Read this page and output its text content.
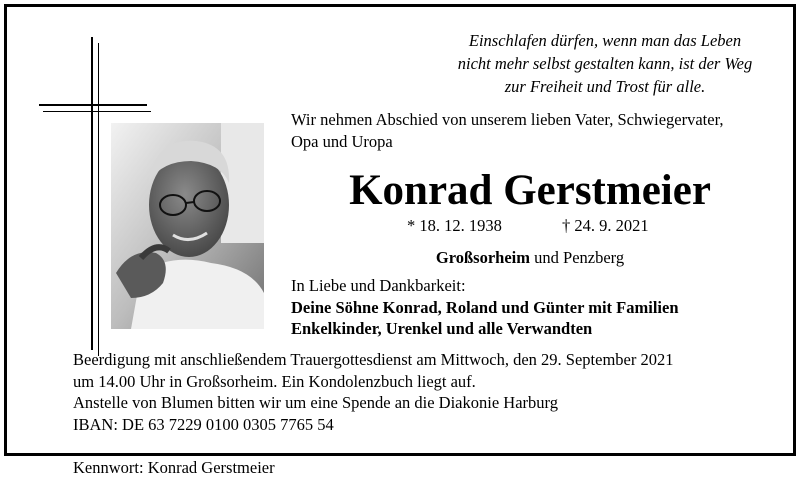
Einschlafen dürfen, wenn man das Leben
nicht mehr selbst gestalten kann, ist der Weg
zur Freiheit und Trost für alle.
Wir nehmen Abschied von unserem lieben Vater, Schwiegervater,
Opa und Uropa
Konrad Gerstmeier
* 18. 12. 1938	† 24. 9. 2021
Großsorheim und Penzberg
In Liebe und Dankbarkeit:
Deine Söhne Konrad, Roland und Günter mit Familien
Enkelkinder, Urenkel und alle Verwandten
Beerdigung mit anschließendem Trauergottesdienst am Mittwoch, den 29. September 2021
um 14.00 Uhr in Großsorheim. Ein Kondolenzbuch liegt auf.
Anstelle von Blumen bitten wir um eine Spende an die Diakonie Harburg
IBAN: DE 63 7229 0100 0305 7765 54
Kennwort: Konrad Gerstmeier
